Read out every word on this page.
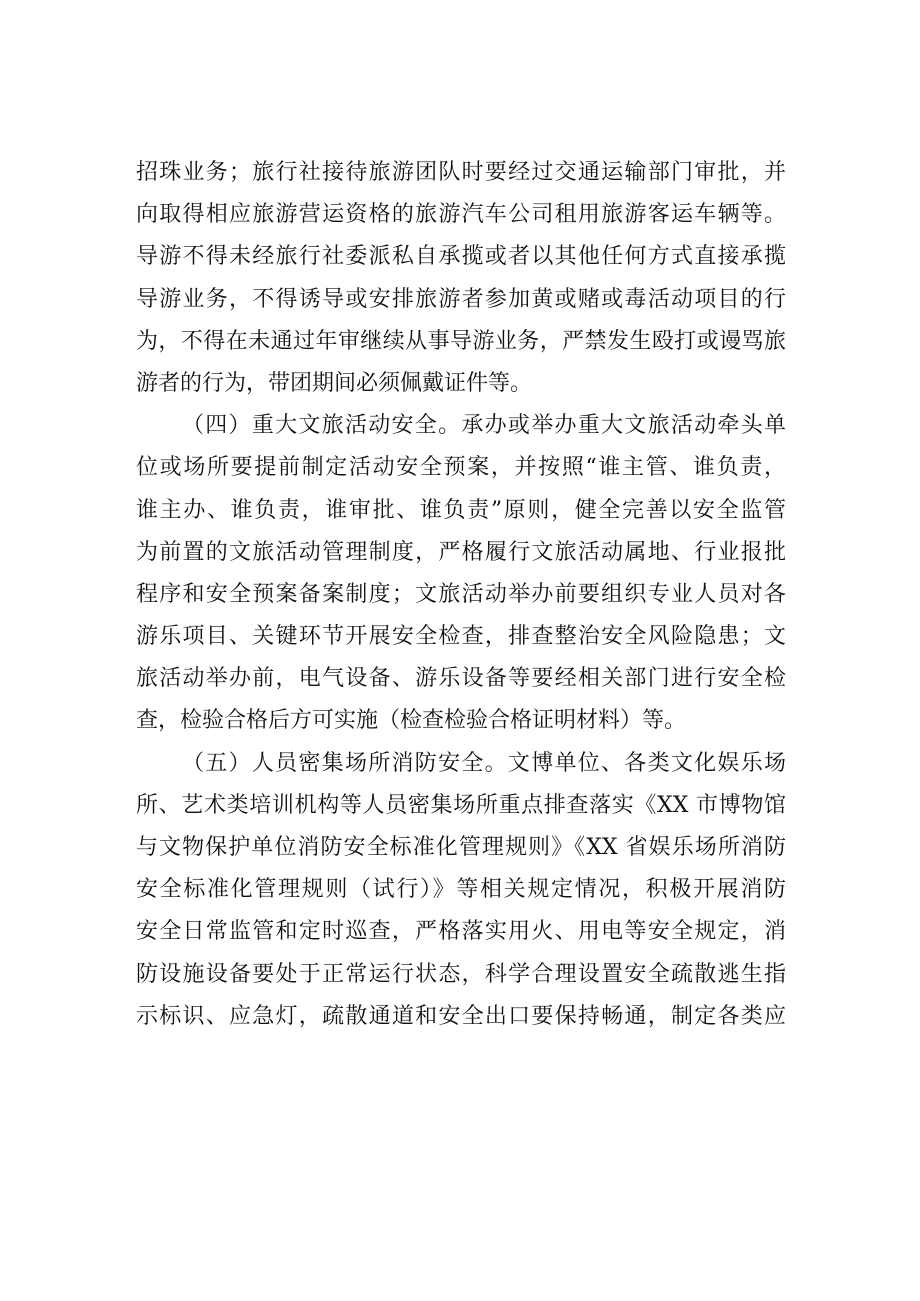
招珠业务；旅行社接待旅游团队时要经过交通运输部门审批，并
向取得相应旅游营运资格的旅游汽车公司租用旅游客运车辆等。
导游不得未经旅行社委派私自承揽或者以其他任何方式直接承揽
导游业务，不得诱导或安排旅游者参加黄或赌或毒活动项目的行
为，不得在未通过年审继续从事导游业务，严禁发生殴打或谩骂旅
游者的行为，带团期间必须佩戴证件等。
（四）重大文旅活动安全。承办或举办重大文旅活动牵头单
位或场所要提前制定活动安全预案，并按照“谁主管、谁负责，
谁主办、谁负责，谁审批、谁负责”原则，健全完善以安全监管
为前置的文旅活动管理制度，严格履行文旅活动属地、行业报批
程序和安全预案备案制度；文旅活动举办前要组织专业人员对各
游乐项目、关键环节开展安全检查，排查整治安全风险隐患；文
旅活动举办前，电气设备、游乐设备等要经相关部门进行安全检
查，检验合格后方可实施（检查检验合格证明材料）等。
（五）人员密集场所消防安全。文博单位、各类文化娱乐场
所、艺术类培训机构等人员密集场所重点排查落实《XX 市博物馆
与文物保护单位消防安全标准化管理规则》《XX 省娱乐场所消防
安全标准化管理规则（试行）》等相关规定情况，积极开展消防
安全日常监管和定时巡查，严格落实用火、用电等安全规定，消
防设施设备要处于正常运行状态，科学合理设置安全疏散逃生指
示标识、应急灯，疏散通道和安全出口要保持畅通，制定各类应
